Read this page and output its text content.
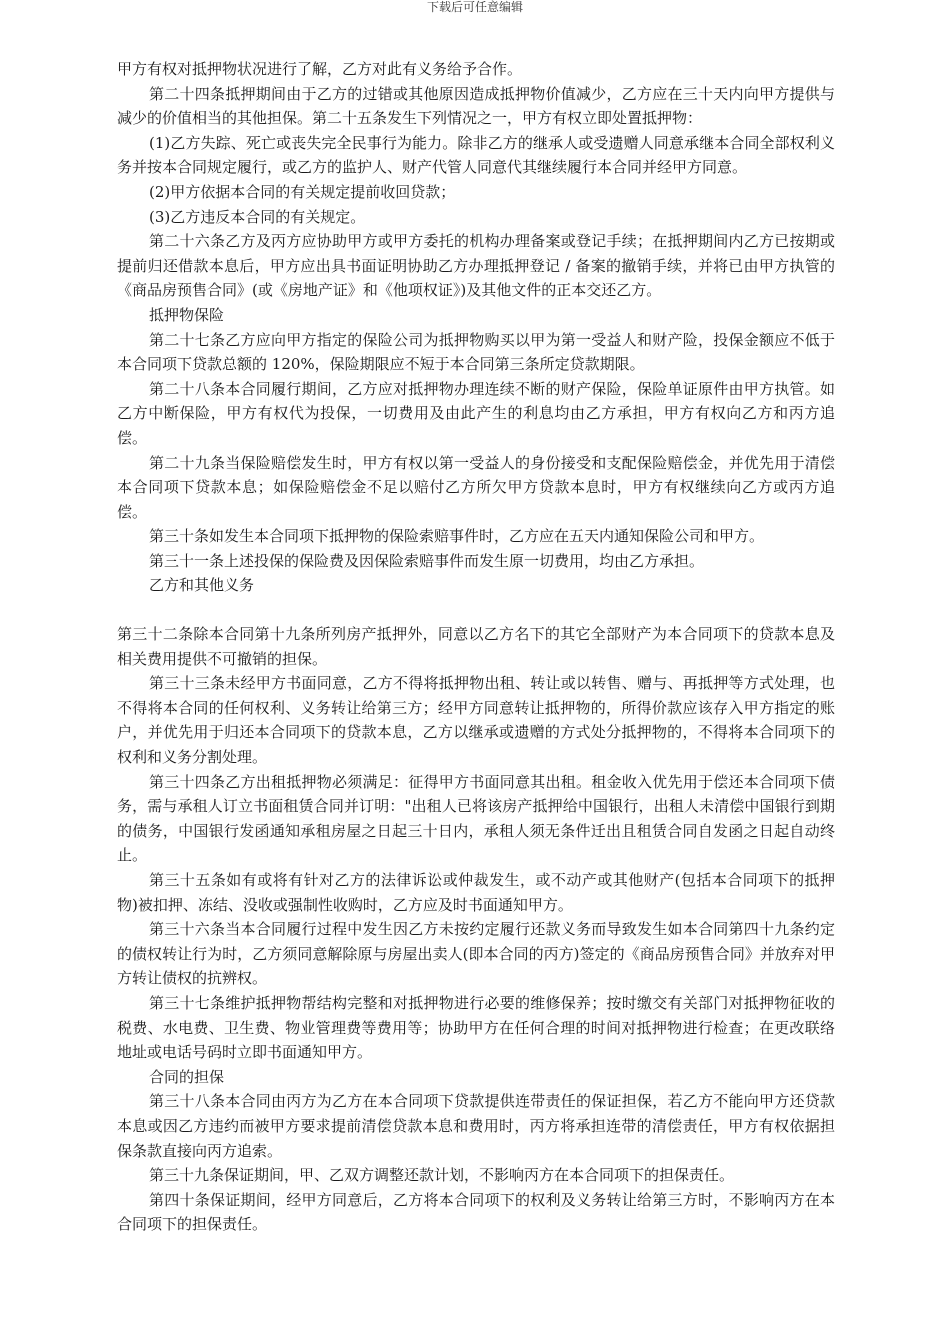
下载后可任意编辑

甲方有权对抵押物状况进行了解，乙方对此有义务给予合作。

第二十四条抵押期间由于乙方的过错或其他原因造成抵押物价值减少，乙方应在三十天内向甲方提供与减少的价值相当的其他担保。第二十五条发生下列情况之一，甲方有权立即处置抵押物：

(1)乙方失踪、死亡或丧失完全民事行为能力。除非乙方的继承人或受遗赠人同意承继本合同全部权利义务并按本合同规定履行，或乙方的监护人、财产代管人同意代其继续履行本合同并经甲方同意。

(2)甲方依据本合同的有关规定提前收回贷款；

(3)乙方违反本合同的有关规定。

第二十六条乙方及丙方应协助甲方或甲方委托的机构办理备案或登记手续；在抵押期间内乙方已按期或提前归还借款本息后，甲方应出具书面证明协助乙方办理抵押登记 / 备案的撤销手续，并将已由甲方执管的《商品房预售合同》(或《房地产证》和《他项权证》)及其他文件的正本交还乙方。

抵押物保险

第二十七条乙方应向甲方指定的保险公司为抵押物购买以甲为第一受益人和财产险，投保金额应不低于本合同项下贷款总额的 120%，保险期限应不短于本合同第三条所定贷款期限。

第二十八条本合同履行期间，乙方应对抵押物办理连续不断的财产保险，保险单证原件由甲方执管。如乙方中断保险，甲方有权代为投保，一切费用及由此产生的利息均由乙方承担，甲方有权向乙方和丙方追偿。

第二十九条当保险赔偿发生时，甲方有权以第一受益人的身份接受和支配保险赔偿金，并优先用于清偿本合同项下贷款本息；如保险赔偿金不足以赔付乙方所欠甲方贷款本息时，甲方有权继续向乙方或丙方追偿。

第三十条如发生本合同项下抵押物的保险索赔事件时，乙方应在五天内通知保险公司和甲方。

第三十一条上述投保的保险费及因保险索赔事件而发生原一切费用，均由乙方承担。

乙方和其他义务

第三十二条除本合同第十九条所列房产抵押外，同意以乙方名下的其它全部财产为本合同项下的贷款本息及相关费用提供不可撤销的担保。

第三十三条未经甲方书面同意，乙方不得将抵押物出租、转让或以转售、赠与、再抵押等方式处理，也不得将本合同的任何权利、义务转让给第三方；经甲方同意转让抵押物的，所得价款应该存入甲方指定的账户，并优先用于归还本合同项下的贷款本息，乙方以继承或遗赠的方式处分抵押物的，不得将本合同项下的权利和义务分割处理。

第三十四条乙方出租抵押物必须满足：征得甲方书面同意其出租。租金收入优先用于偿还本合同项下债务，需与承租人订立书面租赁合同并订明："出租人已将该房产抵押给中国银行，出租人未清偿中国银行到期的债务，中国银行发函通知承租房屋之日起三十日内，承租人须无条件迁出且租赁合同自发函之日起自动终止。

第三十五条如有或将有针对乙方的法律诉讼或仲裁发生，或不动产或其他财产(包括本合同项下的抵押物)被扣押、冻结、没收或强制性收购时，乙方应及时书面通知甲方。

第三十六条当本合同履行过程中发生因乙方未按约定履行还款义务而导致发生如本合同第四十九条约定的债权转让行为时，乙方须同意解除原与房屋出卖人(即本合同的丙方)签定的《商品房预售合同》并放弃对甲方转让债权的抗辨权。

第三十七条维护抵押物帮结构完整和对抵押物进行必要的维修保养；按时缴交有关部门对抵押物征收的税费、水电费、卫生费、物业管理费等费用等；协助甲方在任何合理的时间对抵押物进行检查；在更改联络地址或电话号码时立即书面通知甲方。

合同的担保

第三十八条本合同由丙方为乙方在本合同项下贷款提供连带责任的保证担保，若乙方不能向甲方还贷款本息或因乙方违约而被甲方要求提前清偿贷款本息和费用时，丙方将承担连带的清偿责任，甲方有权依据担保条款直接向丙方追索。

第三十九条保证期间，甲、乙双方调整还款计划，不影响丙方在本合同项下的担保责任。

第四十条保证期间，经甲方同意后，乙方将本合同项下的权利及义务转让给第三方时，不影响丙方在本合同项下的担保责任。
